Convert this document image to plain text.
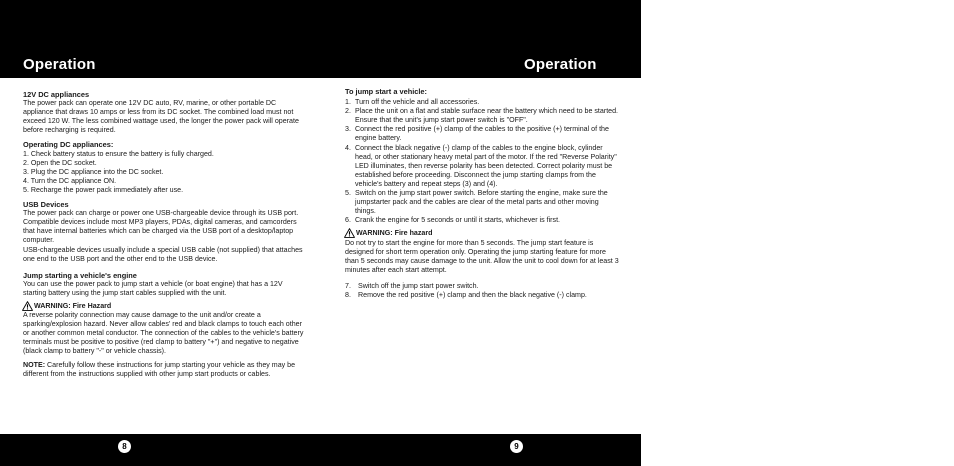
Operation	Operation

12V DC appliances

The power pack can operate one 12V DC auto, RV, marine, or other portable DC appliance that draws 10 amps or less from its DC socket. The combined load must not exceed 120 W. The less combined wattage used, the longer the power pack will operate before recharging is required.

Operating DC appliances:

1. Check battery status to ensure the battery is fully charged.

2. Open the DC socket.

3. Plug the DC appliance into the DC socket.

4. Turn the DC appliance ON.

5. Recharge the power pack immediately after use.

USB Devices

The power pack can charge or power one USB-chargeable device through its USB port. Compatible devices include most MP3 players, PDAs, digital cameras, and camcorders that have internal batteries which can be charged via the USB port of a desktop/laptop computer.

USB-chargeable devices usually include a special USB cable (not supplied) that attaches one end to the USB port and the other end to the USB device.

Jump starting a vehicle's engine

You can use the power pack to jump start a vehicle (or boat engine) that has a 12V starting battery using the jump start cables supplied with the unit.

WARNING: Fire Hazard

A reverse polarity connection may cause damage to the unit and/or create a sparking/explosion hazard. Never allow cables' red and black clamps to touch each other or another common metal conductor. The connection of the cables to the vehicle's battery terminals must be positive to positive (red clamp to battery "+") and negative to negative (black clamp to battery "-" or vehicle chassis).

NOTE: Carefully follow these instructions for jump starting your vehicle as they may be different from the instructions supplied with other jump start products or cables.

To jump start a vehicle:

1. Turn off the vehicle and all accessories.
2. Place the unit on a flat and stable surface near the battery which need to be started. Ensure that the unit's jump start power switch is "OFF".
3. Connect the red positive (+) clamp of the cables to the positive (+) terminal of the engine battery.
4. Connect the black negative (-) clamp of the cables to the engine block, cylinder head, or other stationary heavy metal part of the motor. If the red "Reverse Polarity" LED illuminates, then reverse polarity has been detected. Correct polarity must be established before proceeding. Disconnect the jump starting clamps from the vehicle's battery and repeat steps (3) and (4).
5. Switch on the jump start power switch. Before starting the engine, make sure the jumpstarter pack and the cables are clear of the metal parts and other moving things.
6. Crank the engine for 5 seconds or until it starts, whichever is first.

WARNING: Fire hazard

Do not try to start the engine for more than 5 seconds. The jump start feature is designed for short term operation only. Operating the jump starting feature for more than 5 seconds may cause damage to the unit. Allow the unit to cool down for at least 3 minutes after each start attempt.

7. Switch off the jump start power switch.
8. Remove the red positive (+) clamp and then the black negative (-) clamp.
8	9
